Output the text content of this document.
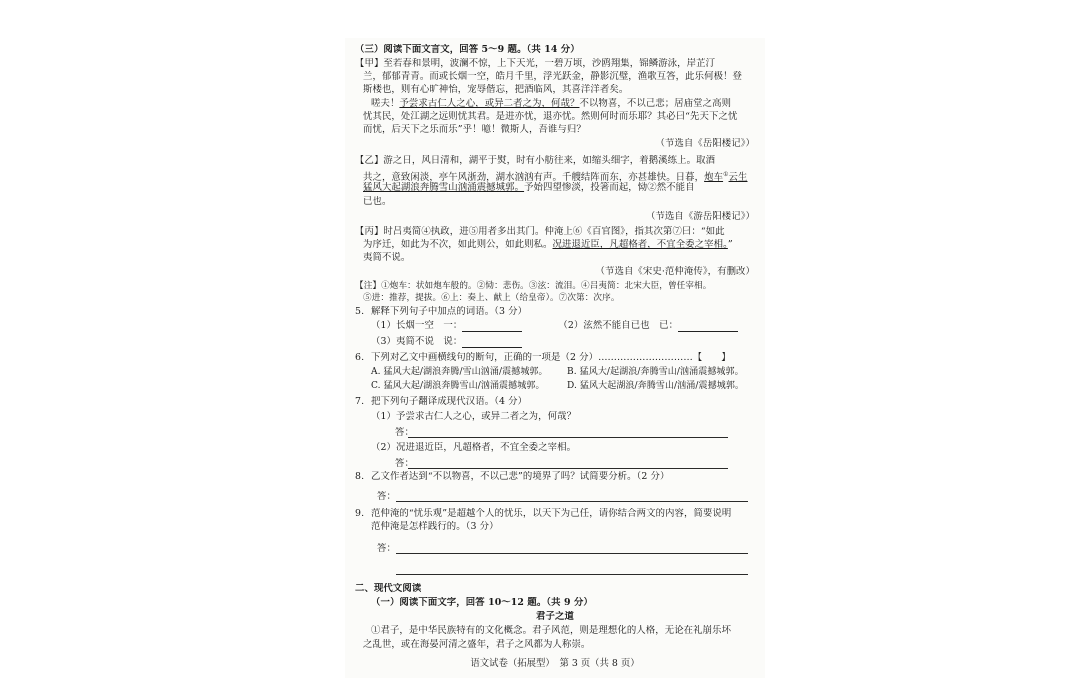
（三）阅读下面文言文，回答 5～9 题。（共 14 分）
【甲】至若春和景明，波澜不惊，上下天光，一碧万顷，沙鸥翔集，锦鳞游泳，岸芷汀
兰，郁郁青青。而或长烟一空，皓月千里，浮光跃金，静影沉璧，渔歌互答，此乐何极！登
斯楼也，则有心旷神怡，宠辱偕忘，把酒临风，其喜洋洋者矣。
嗟夫！予尝求古仁人之心，或异二者之为，何哉？不以物喜，不以己悲；居庙堂之高则
忧其民，处江湖之远则忧其君。是进亦忧，退亦忧。然则何时而乐耶？其必曰“先天下之忧
而忧，后天下之乐而乐”乎！噫！微斯人，吾谁与归？
（节选自《岳阳楼记》）
【乙】游之日，风日清和，湖平于熨，时有小舫往来，如缩头细字，着鹅溪练上。取酒
共之，意致闲淡，亭午风浙劲，湖水汹汹有声。千艘结阵而东，亦甚雄快。日暮，炮车①云生
猛风大起湖浪奔腾雪山汹涌震撼城郭。予始四望惨淡，投箸而起，恸②然不能自
已也。
（节选自《游岳阳楼记》）
【丙】时吕夷简④执政，进⑤用者多出其门。仲淹上⑥《百官图》，指其次第⑦曰：“如此
为序迁，如此为不次，如此则公，如此则私。况进退近臣，凡超格者，不宜全委之宰相。”
夷简不说。
（节选自《宋史·范仲淹传》，有删改）
【注】①炮车：状如炮车般的。②恸：悲伤。③泫：流泪。④吕夷简：北宋大臣，曾任宰相。
⑤进：推荐，提拔。⑥上：奏上、献上（给皇帝）。⑦次第：次序。
5. 解释下列句子中加点的词语。（3 分）
（1）长烟一空　一：	（2）泫然不能自已也　已：
（3）夷简不说　说：
6. 下列对乙文中画横线句的断句，正确的一项是（2 分）…………………………【　　】
A. 猛风大起/湖浪奔腾/雪山汹涌/震撼城郭。 B. 猛风大/起湖浪/奔腾雪山/汹涌震撼城郭。
C. 猛风大起/湖浪奔腾雪山/汹涌震撼城郭。 D. 猛风大起湖浪/奔腾雪山/汹涌/震撼城郭。
7. 把下列句子翻译成现代汉语。（4 分）
（1）予尝求古仁人之心，或异二者之为，何哉？
答：
（2）况进退近臣，凡超格者，不宜全委之宰相。
答：
8. 乙文作者达到“不以物喜，不以己悲”的境界了吗？试简要分析。（2 分）
答：
9. 范仲淹的“忧乐观”是超越个人的忧乐，以天下为己任，请你结合两文的内容，简要说明
范仲淹是怎样践行的。（3 分）
答：
二、现代文阅读
（一）阅读下面文字，回答 10～12 题。（共 9 分）
君子之道
①君子，是中华民族特有的文化概念。君子风范，则是理想化的人格，无论在礼崩乐坏
之乱世，或在海晏河清之盛年，君子之风都为人称崇。
语文试卷（拓展型）　第 3 页（共 8 页）
